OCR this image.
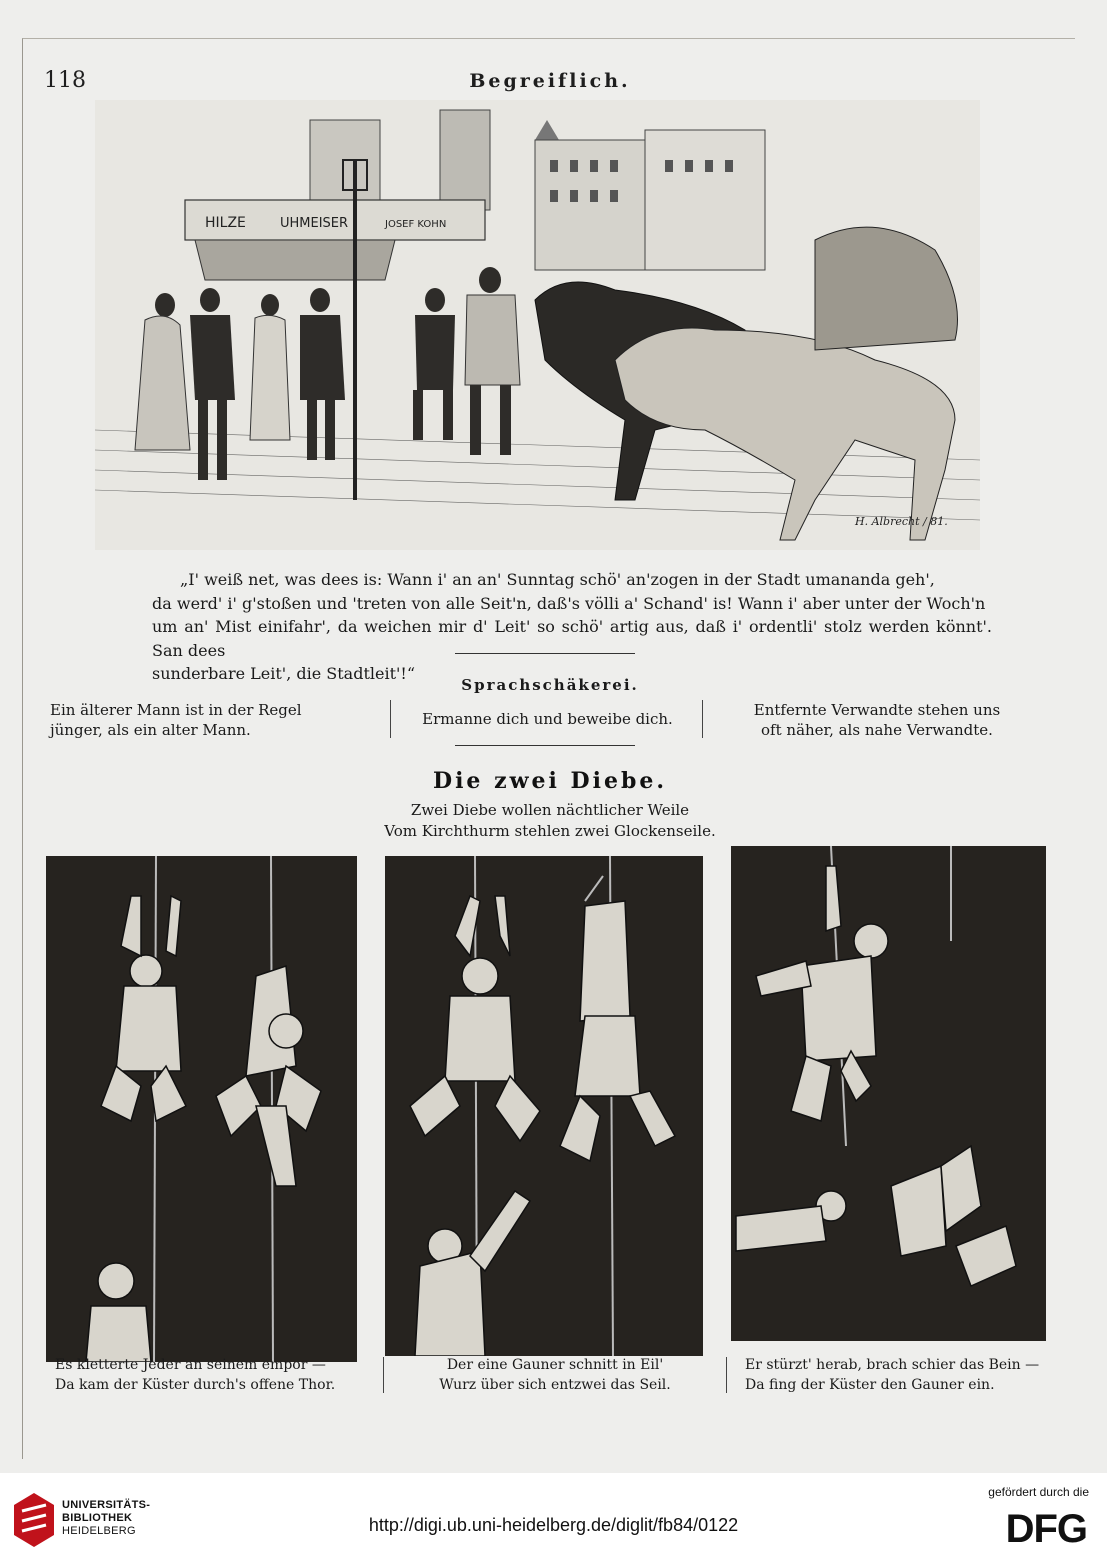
118	Begreiflich.
HILZE	UHMEISER	JOSEF KOHN
H. Albrecht / 81.

„I' weiß net, was dees is: Wann i' an an' Sunntag schö' an'zogen in der Stadt umananda geh',

da werd' i' g'stoßen und 'treten von alle Seit'n, daß's völli a' Schand' is! Wann i' aber unter der Woch'n

um an' Mist einifahr', da weichen mir d' Leit' so schö' artig aus, daß i' ordentli' stolz werden könnt'. San dees

sunderbare Leit', die Stadtleit'!“

Sprachschäkerei.
Ein älterer Mann ist in der Regel
jünger, als ein alter Mann.
Ermanne dich und beweibe dich.	Entfernte Verwandte stehen uns
oft näher, als nahe Verwandte.
Die zwei Diebe.
Zwei Diebe wollen nächtlicher Weile
Vom Kirchthurm stehlen zwei Glockenseile.
Es kletterte Jeder an seinem empor —
Da kam der Küster durch's offene Thor.
Der eine Gauner schnitt in Eil'
Wurz über sich entzwei das Seil.
Er stürzt' herab, brach schier das Bein —
Da fing der Küster den Gauner ein.
UNIVERSITÄTS-
BIBLIOTHEK
HEIDELBERG	http://digi.ub.uni-heidelberg.de/diglit/fb84/0122
gefördert durch die
DFG
